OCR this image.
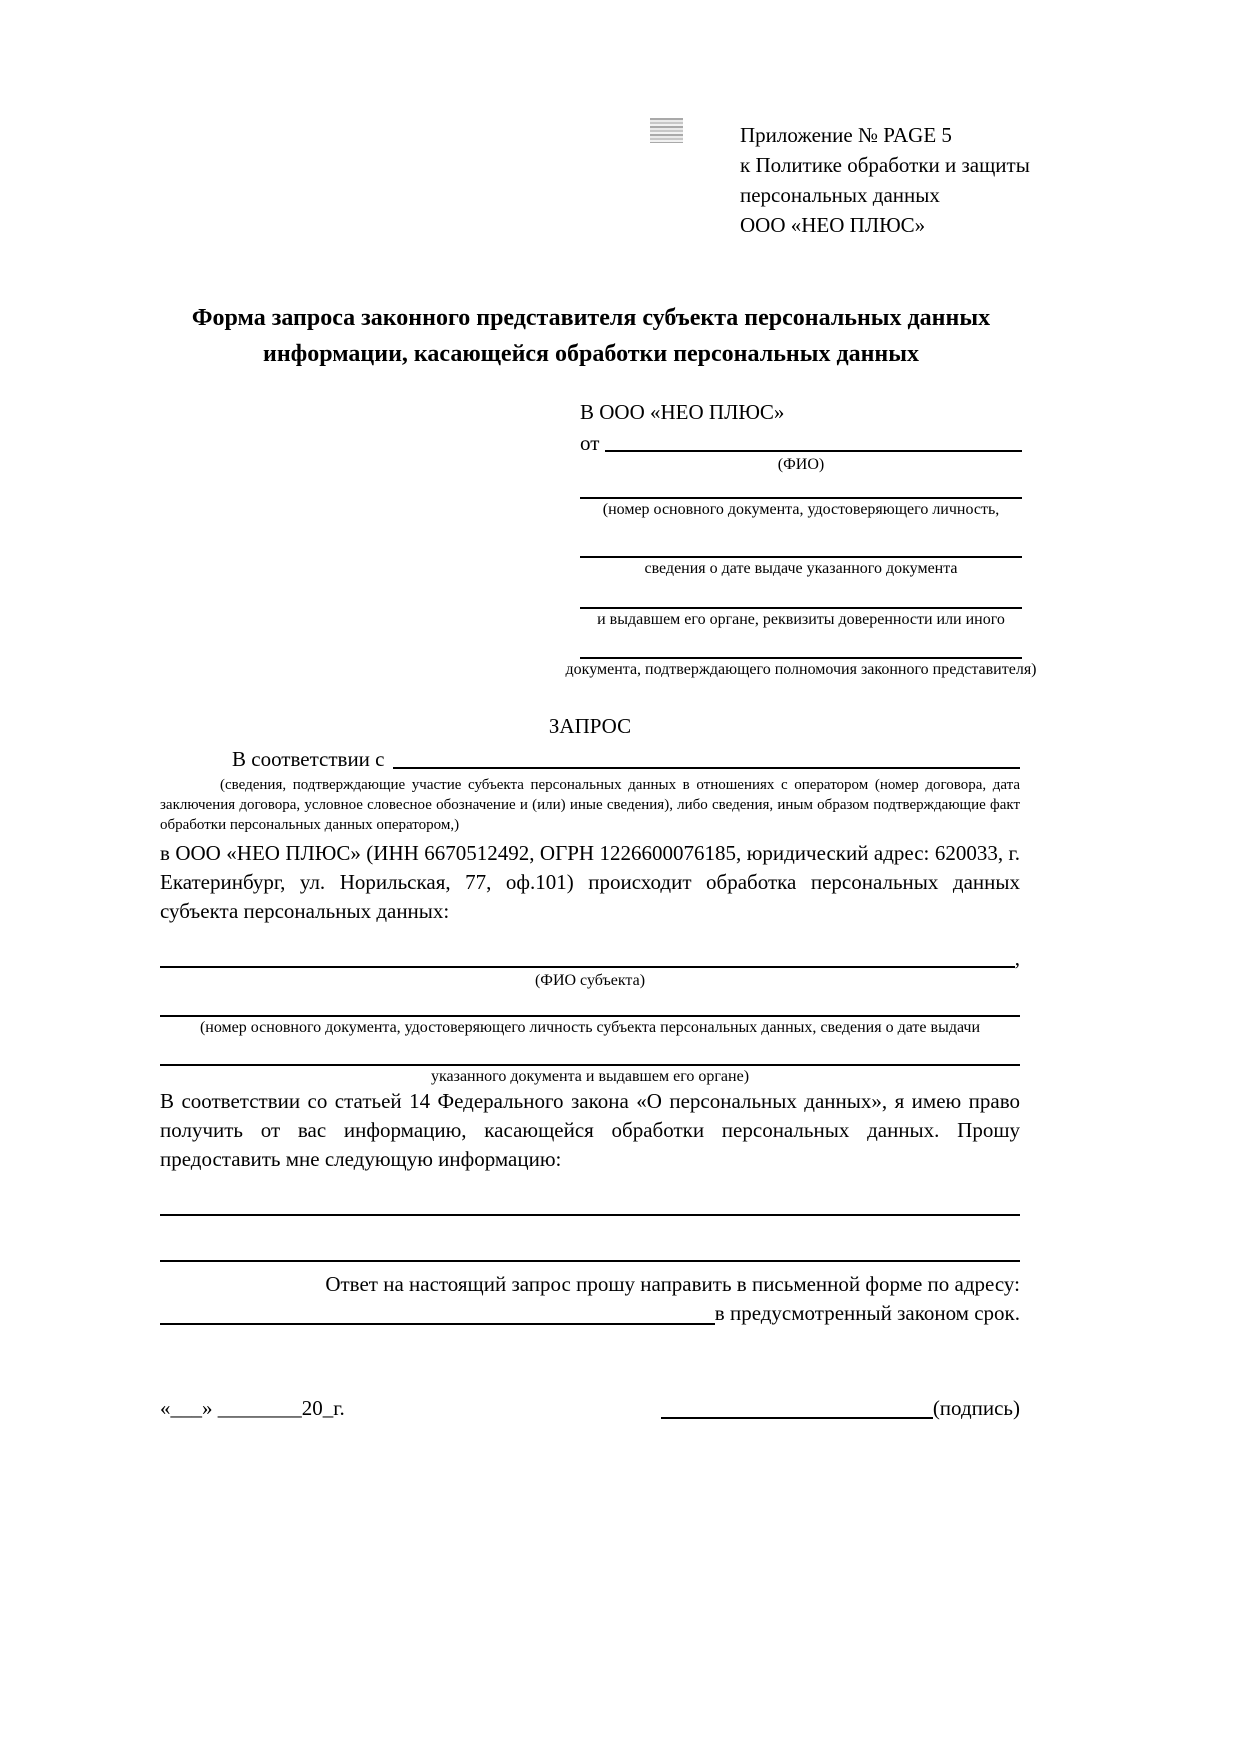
Приложение № PAGE 5
к Политике обработки и защиты
персональных данных
ООО «НЕО ПЛЮС»
Форма запроса законного представителя субъекта персональных данных
информации, касающейся обработки персональных данных
В ООО «НЕО ПЛЮС»
от
(ФИО)
(номер основного документа, удостоверяющего личность,
сведения о дате выдаче указанного документа
и выдавшем его органе, реквизиты доверенности или иного
документа, подтверждающего полномочия законного представителя)
ЗАПРОС
В соответствии с

(сведения, подтверждающие участие субъекта персональных данных в отношениях с оператором (номер договора, дата заключения договора, условное словесное обозначение и (или) иные сведения), либо сведения, иным образом подтверждающие факт обработки персональных данных оператором,)

в ООО «НЕО ПЛЮС» (ИНН 6670512492, ОГРН 1226600076185, юридический адрес: 620033, г. Екатеринбург, ул. Норильская, 77, оф.101) происходит обработка персональных данных субъекта персональных данных:

,
(ФИО субъекта)
(номер основного документа, удостоверяющего личность субъекта персональных данных, сведения о дате выдачи
указанного документа и выдавшем его органе)

В соответствии со статьей 14 Федерального закона «О персональных данных», я имею право получить от вас информацию, касающейся обработки персональных данных. Прошу предоставить мне следующую информацию:

Ответ на настоящий запрос прошу направить в письменной форме по адресу:
в предусмотренный законом срок.
«___» ________20_г.	(подпись)
